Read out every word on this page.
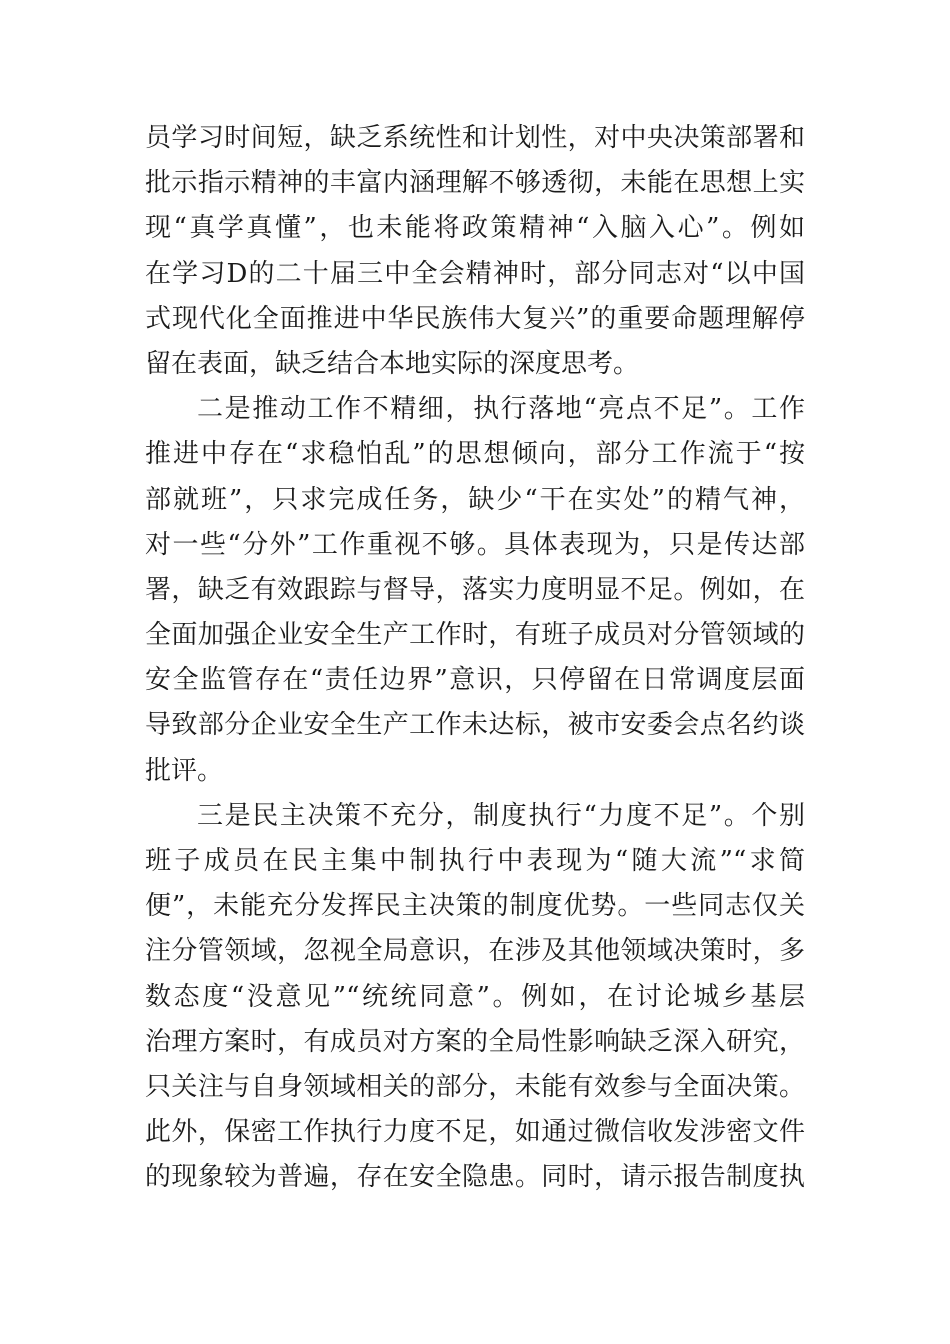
员学习时间短，缺乏系统性和计划性，对中央决策部署和
批示指示精神的丰富内涵理解不够透彻，未能在思想上实
现“真学真懂”，也未能将政策精神“入脑入心”。例如
在学习D的二十届三中全会精神时，部分同志对“以中国
式现代化全面推进中华民族伟大复兴”的重要命题理解停
留在表面，缺乏结合本地实际的深度思考。
二是推动工作不精细，执行落地“亮点不足”。工作
推进中存在“求稳怕乱”的思想倾向，部分工作流于“按
部就班”，只求完成任务，缺少“干在实处”的精气神，
对一些“分外”工作重视不够。具体表现为，只是传达部
署，缺乏有效跟踪与督导，落实力度明显不足。例如，在
全面加强企业安全生产工作时，有班子成员对分管领域的
安全监管存在“责任边界”意识，只停留在日常调度层面
导致部分企业安全生产工作未达标，被市安委会点名约谈
批评。
三是民主决策不充分，制度执行“力度不足”。个别
班子成员在民主集中制执行中表现为“随大流”“求简
便”，未能充分发挥民主决策的制度优势。一些同志仅关
注分管领域，忽视全局意识，在涉及其他领域决策时，多
数态度“没意见”“统统同意”。例如，在讨论城乡基层
治理方案时，有成员对方案的全局性影响缺乏深入研究，
只关注与自身领域相关的部分，未能有效参与全面决策。
此外，保密工作执行力度不足，如通过微信收发涉密文件
的现象较为普遍，存在安全隐患。同时，请示报告制度执
